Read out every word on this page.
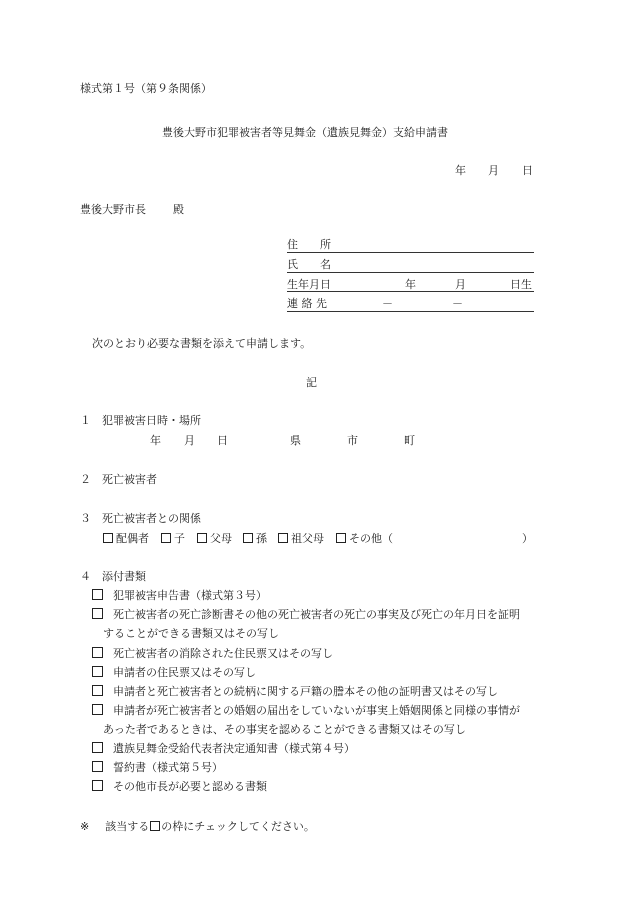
様式第１号（第９条関係）
豊後大野市犯罪被害者等見舞金（遺族見舞金）支給申請書
年 月 日
豊後大野市長 殿
住　　所
氏　　名
生年月日	年	月	日生
連 絡 先	－	－
次のとおり必要な書類を添えて申請します。
記
１　犯罪被害日時・場所
年 月 日	県	市	町
２　死亡被害者
３　死亡被害者との関係
配偶者	子	父母	孫	祖父母	その他（	）
４　添付書類
犯罪被害申告書（様式第３号）
死亡被害者の死亡診断書その他の死亡被害者の死亡の事実及び死亡の年月日を証明
することができる書類又はその写し
死亡被害者の消除された住民票又はその写し
申請者の住民票又はその写し
申請者と死亡被害者との続柄に関する戸籍の謄本その他の証明書又はその写し
申請者が死亡被害者との婚姻の届出をしていないが事実上婚姻関係と同様の事情が
あった者であるときは、その事実を認めることができる書類又はその写し
遺族見舞金受給代表者決定通知書（様式第４号）
誓約書（様式第５号）
その他市長が必要と認める書類
※ 該当する の枠にチェックしてください。
